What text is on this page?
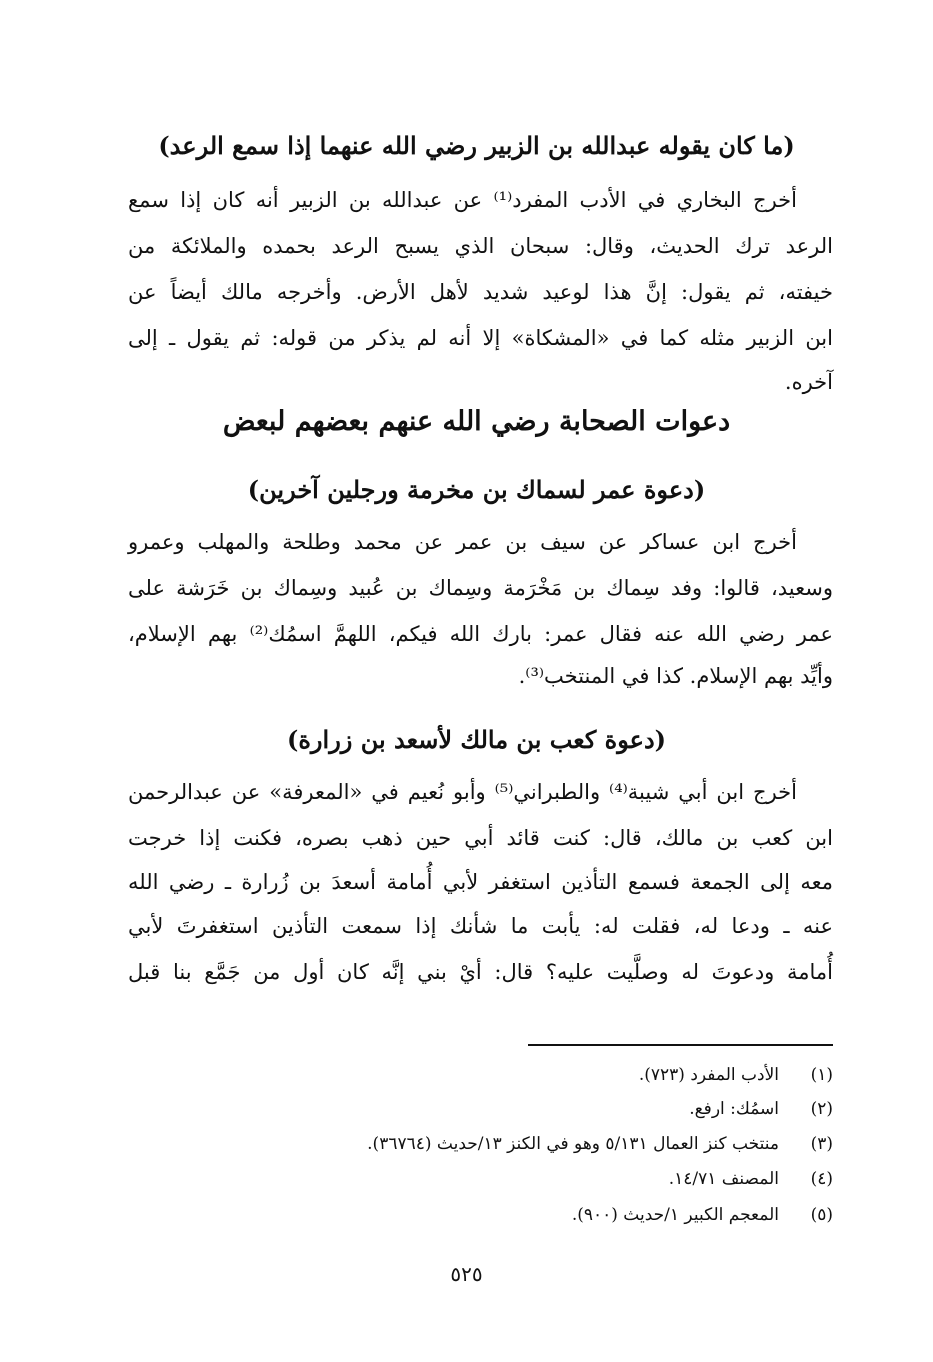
(ما كان يقوله عبدالله بن الزبير رضي الله عنهما إذا سمع الرعد)
أخرج البخاري في الأدب المفرد⁽¹⁾ عن عبدالله بن الزبير أنه كان إذا سمع
الرعد ترك الحديث، وقال: سبحان الذي يسبح الرعد بحمده والملائكة من
خيفته، ثم يقول: إنَّ هذا لوعيد شديد لأهل الأرض. وأخرجه مالك أيضاً عن
ابن الزبير مثله كما في «المشكاة» إلا أنه لم يذكر من قوله: ثم يقول ـ إلى
آخره.
دعوات الصحابة رضي الله عنهم بعضهم لبعض
(دعوة عمر لسماك بن مخرمة ورجلين آخرين)
أخرج ابن عساكر عن سيف بن عمر عن محمد وطلحة والمهلب وعمرو
وسعيد، قالوا: وفد سِماك بن مَخْرَمة وسِماك بن عُبيد وسِماك بن خَرَشة على
عمر رضي الله عنه فقال عمر: بارك الله فيكم، اللهمَّ اسمُك⁽²⁾ بهم الإسلام،
وأيِّد بهم الإسلام. كذا في المنتخب⁽³⁾.
(دعوة كعب بن مالك لأسعد بن زرارة)
أخرج ابن أبي شيبة⁽⁴⁾ والطبراني⁽⁵⁾ وأبو نُعيم في «المعرفة» عن عبدالرحمن
ابن كعب بن مالك، قال: كنت قائد أبي حين ذهب بصره، فكنت إذا خرجت
معه إلى الجمعة فسمع التأذين استغفر لأبي أُمامة أسعدَ بن زُرارة ـ رضي الله
عنه ـ ودعا له، فقلت له: يأبت ما شأنك إذا سمعت التأذين استغفرتَ لأبي
أُمامة ودعوتَ له وصلَّيت عليه؟ قال: أيْ بني إنَّه كان أول من جَمَّع بنا قبل
(١)
الأدب المفرد (٧٢٣).
(٢)
اسمُك: ارفع.
(٣)
منتخب كنز العمال ٥/١٣١ وهو في الكنز ١٣/حديث (٣٦٧٦٤).
(٤)
المصنف ١٤/٧١.
(٥)
المعجم الكبير ١/حديث (٩٠٠).
٥٢٥
